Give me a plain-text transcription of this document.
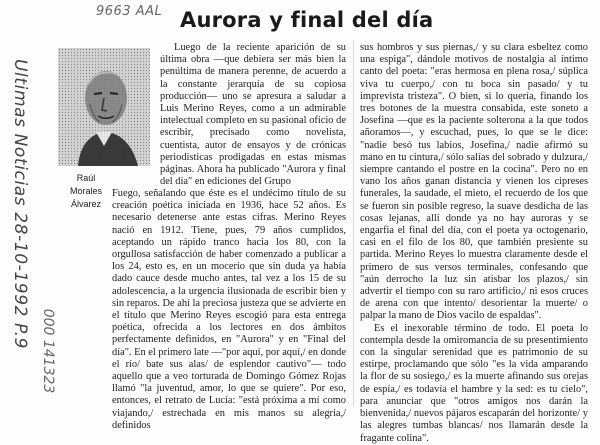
9663 AAL
Ultimas Noticias 28-10-1992 P.9
000 141323
Aurora y final del día
Raúl
Morales
Álvarez

Luego de la reciente aparición de su última obra —que debiera ser más bien la penúltima de manera perenne, de acuerdo a la constante jerarquía de su copiosa producción— uno se apresura a saludar a Luis Merino Reyes, como a un admirable intelectual completo en su pasional oficio de escribir, precisado como novelista, cuentista, autor de ensayos y de crónicas periodísticas prodigadas en estas mismas páginas. Ahora ha publicado "Aurora y final del día" en ediciones del Grupo

Fuego, señalando que éste es el undécimo título de su creación poética iniciada en 1936, hace 52 años. Es necesario detenerse ante estas cifras. Merino Reyes nació en 1912. Tiene, pues, 79 años cumplidos, aceptando un rápido tranco hacia los 80, con la orgullosa satisfacción de haber comenzado a publicar a los 24, esto es, en un mocerío que sin duda ya había dado cauce desde mucho antes, tal vez a los 15 de su adolescencia, a la urgencia ilusionada de escribir bien y sin reparos. De ahí la preciosa justeza que se advierte en el título que Merino Reyes escogió para esta entrega poética, ofrecida a los lectores en dos ámbitos perfectamente definidos, en "Aurora" y en "Final del día". En el primero late —"por aquí, por aquí,/ en donde el río/ bate sus alas/ de esplendor cautivo"— todo aquello que a veo torturada de Domingo Gómez Rojas llamó "la juventud, amor, lo que se quiere". Por eso, entonces, el retrato de Lucía: "está próxima a mí como viajando,/ estrechada en mis manos su alegría,/ definidos

sus hombros y sus piernas,/ y su clara esbeltez como una espiga", dándole motivos de nostalgia al íntimo canto del poeta: "eras hermosa en plena rosa,/ súplica viva tu cuerpo,/ con tu boca sin pasado/ y tu imprevista tristeza". O bien, si lo quería, finando los tres botones de la muestra consabida, este soneto a Josefina —que es la paciente solterona a la que todos añoramos—, y escuchad, pues, lo que se le dice: "nadie besó tus labios, Josefina,/ nadie afirmó su mano en tu cintura,/ sólo salías del sobrado y dulzura,/ siempre cantando el postre en la cocina". Pero no en vano los años ganan distancia y vienen los cipreses funerales, la saudade, el mieto, el recuerdo de los que se fueron sin posible regreso, la suave desdicha de las cosas lejanas, allí donde ya no hay auroras y se engarfia el final del día, con el poeta ya octogenario, casi en el filo de los 80, que también presiente su partida. Merino Reyes lo muestra claramente desde el primero de sus versos terminales, confesando que "aún derrocho la luz sin atisbar los plazos,/ sin advertir el tiempo con su raro artificio,/ ni esos cruces de arena con que intento/ desorientar la muerte/ o palpar la mano de Dios vacilo de espaldas".

Es el inexorable término de todo. El poeta lo contempla desde la omiromancia de su presentimiento con la singular serenidad que es patrimonio de su estirpe, proclamando que sólo "es la vida amparando la flor de su sosiego,/ es la muerte afinando sus orejas de espía,/ es todavía el hambre y la sed: es tu cielo", para anunciar que "otros amigos nos darán la bienvenida,/ nuevos pájaros escaparán del horizonte/ y las alegres tumbas blancas/ nos llamarán desde la fragante colina".
